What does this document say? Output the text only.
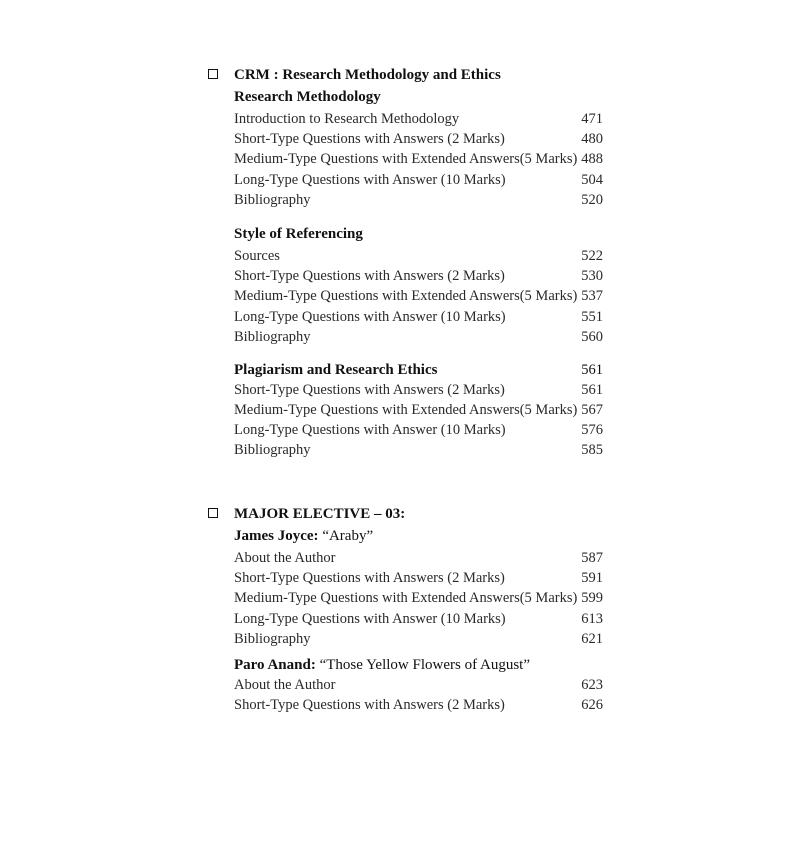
CRM : Research Methodology and Ethics
Research Methodology
Introduction to Research Methodology	471
Short-Type Questions with Answers (2 Marks)	480
Medium-Type Questions with Extended Answers(5 Marks) 488
Long-Type Questions with Answer (10 Marks)	504
Bibliography	520
Style of Referencing
Sources	522
Short-Type Questions with Answers (2 Marks)	530
Medium-Type Questions with Extended Answers(5 Marks) 537
Long-Type Questions with Answer (10 Marks)	551
Bibliography	560
Plagiarism and Research Ethics	561
Short-Type Questions with Answers (2 Marks)	561
Medium-Type Questions with Extended Answers(5 Marks) 567
Long-Type Questions with Answer (10 Marks)	576
Bibliography	585
MAJOR ELECTIVE – 03:
James Joyce: “Araby”
About the Author	587
Short-Type Questions with Answers (2 Marks)	591
Medium-Type Questions with Extended Answers(5 Marks) 599
Long-Type Questions with Answer (10 Marks)	613
Bibliography	621
Paro Anand: “Those Yellow Flowers of August”
About the Author	623
Short-Type Questions with Answers (2 Marks)	626
